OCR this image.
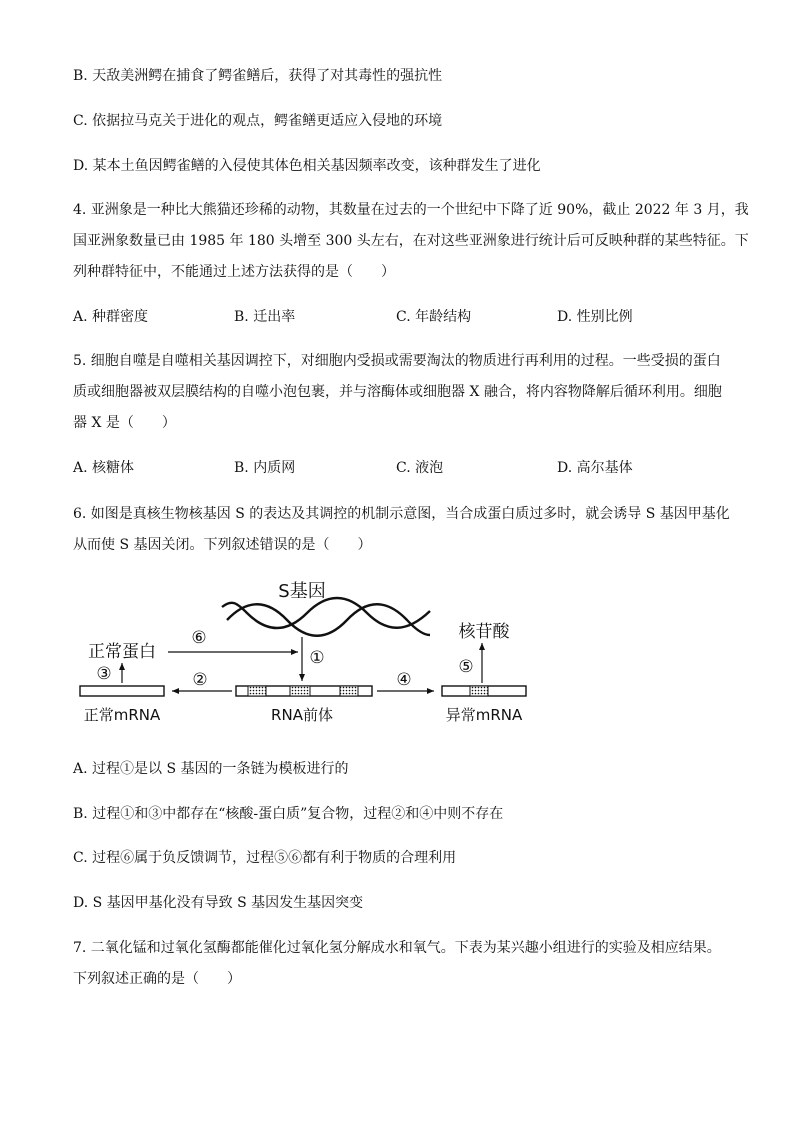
B. 天敌美洲鳄在捕食了鳄雀鳝后，获得了对其毒性的强抗性
C. 依据拉马克关于进化的观点，鳄雀鳝更适应入侵地的环境
D. 某本土鱼因鳄雀鳝的入侵使其体色相关基因频率改变，该种群发生了进化
4. 亚洲象是一种比大熊猫还珍稀的动物，其数量在过去的一个世纪中下降了近 90%，截止 2022 年 3 月，我
国亚洲象数量已由 1985 年 180 头增至 300 头左右，在对这些亚洲象进行统计后可反映种群的某些特征。下
列种群特征中，不能通过上述方法获得的是（　　）
A. 种群密度	B. 迁出率	C. 年龄结构	D. 性别比例
5. 细胞自噬是自噬相关基因调控下，对细胞内受损或需要淘汰的物质进行再利用的过程。一些受损的蛋白
质或细胞器被双层膜结构的自噬小泡包裹，并与溶酶体或细胞器 X 融合，将内容物降解后循环利用。细胞
器 X 是（　　）
A. 核糖体	B. 内质网	C. 液泡	D. 高尔基体
6. 如图是真核生物核基因 S 的表达及其调控的机制示意图，当合成蛋白质过多时，就会诱导 S 基因甲基化
从而使 S 基因关闭。下列叙述错误的是（　　）
S基因
⑥
①
正常蛋白
③
正常mRNA
②
RNA前体
④
异常mRNA
⑤
核苷酸
A. 过程①是以 S 基因的一条链为模板进行的
B. 过程①和③中都存在“核酸-蛋白质”复合物，过程②和④中则不存在
C. 过程⑥属于负反馈调节，过程⑤⑥都有利于物质的合理利用
D. S 基因甲基化没有导致 S 基因发生基因突变
7. 二氧化锰和过氧化氢酶都能催化过氧化氢分解成水和氧气。下表为某兴趣小组进行的实验及相应结果。
下列叙述正确的是（　　）
